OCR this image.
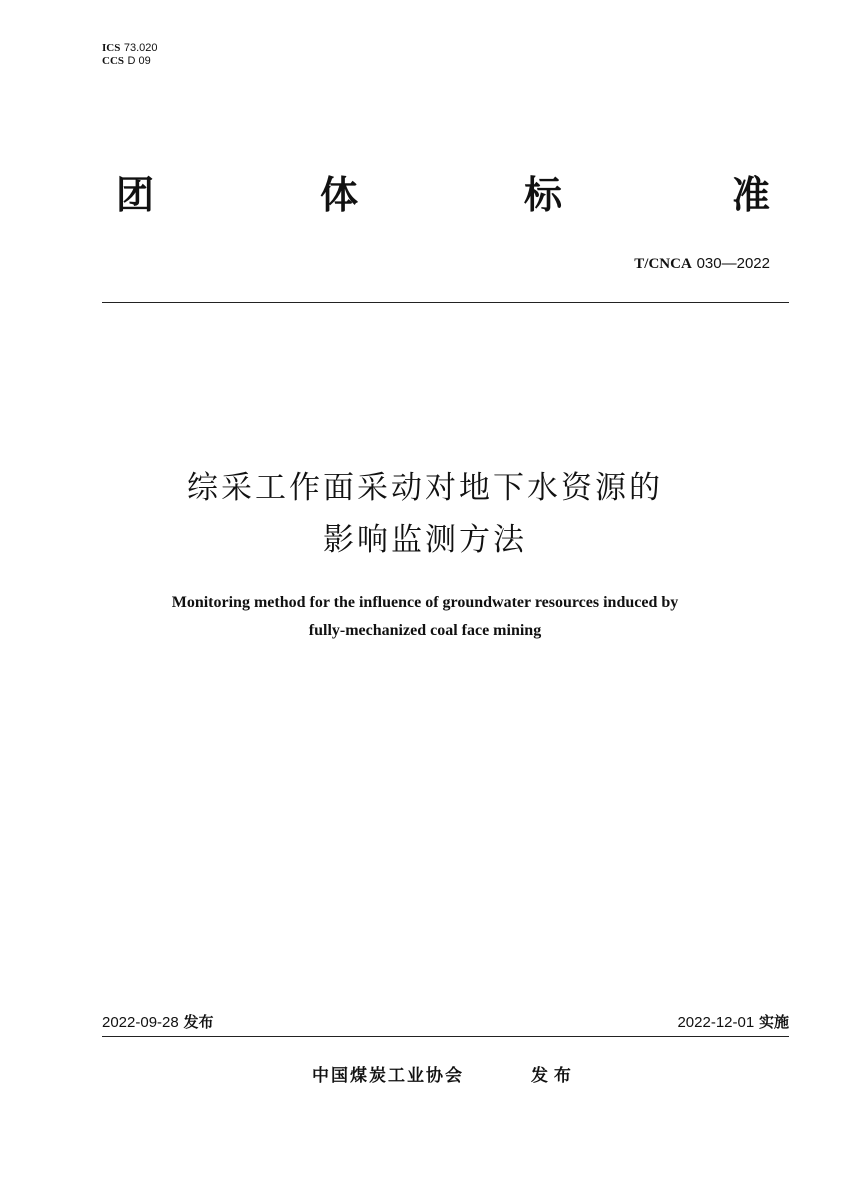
ICS 73.020
CCS D 09
团	体	标	准
T/CNCA 030—2022
综采工作面采动对地下水资源的
影响监测方法
Monitoring method for the influence of groundwater resources induced by
fully-mechanized coal face mining
2022-09-28 发布	2022-12-01 实施
中国煤炭工业协会	发 布
